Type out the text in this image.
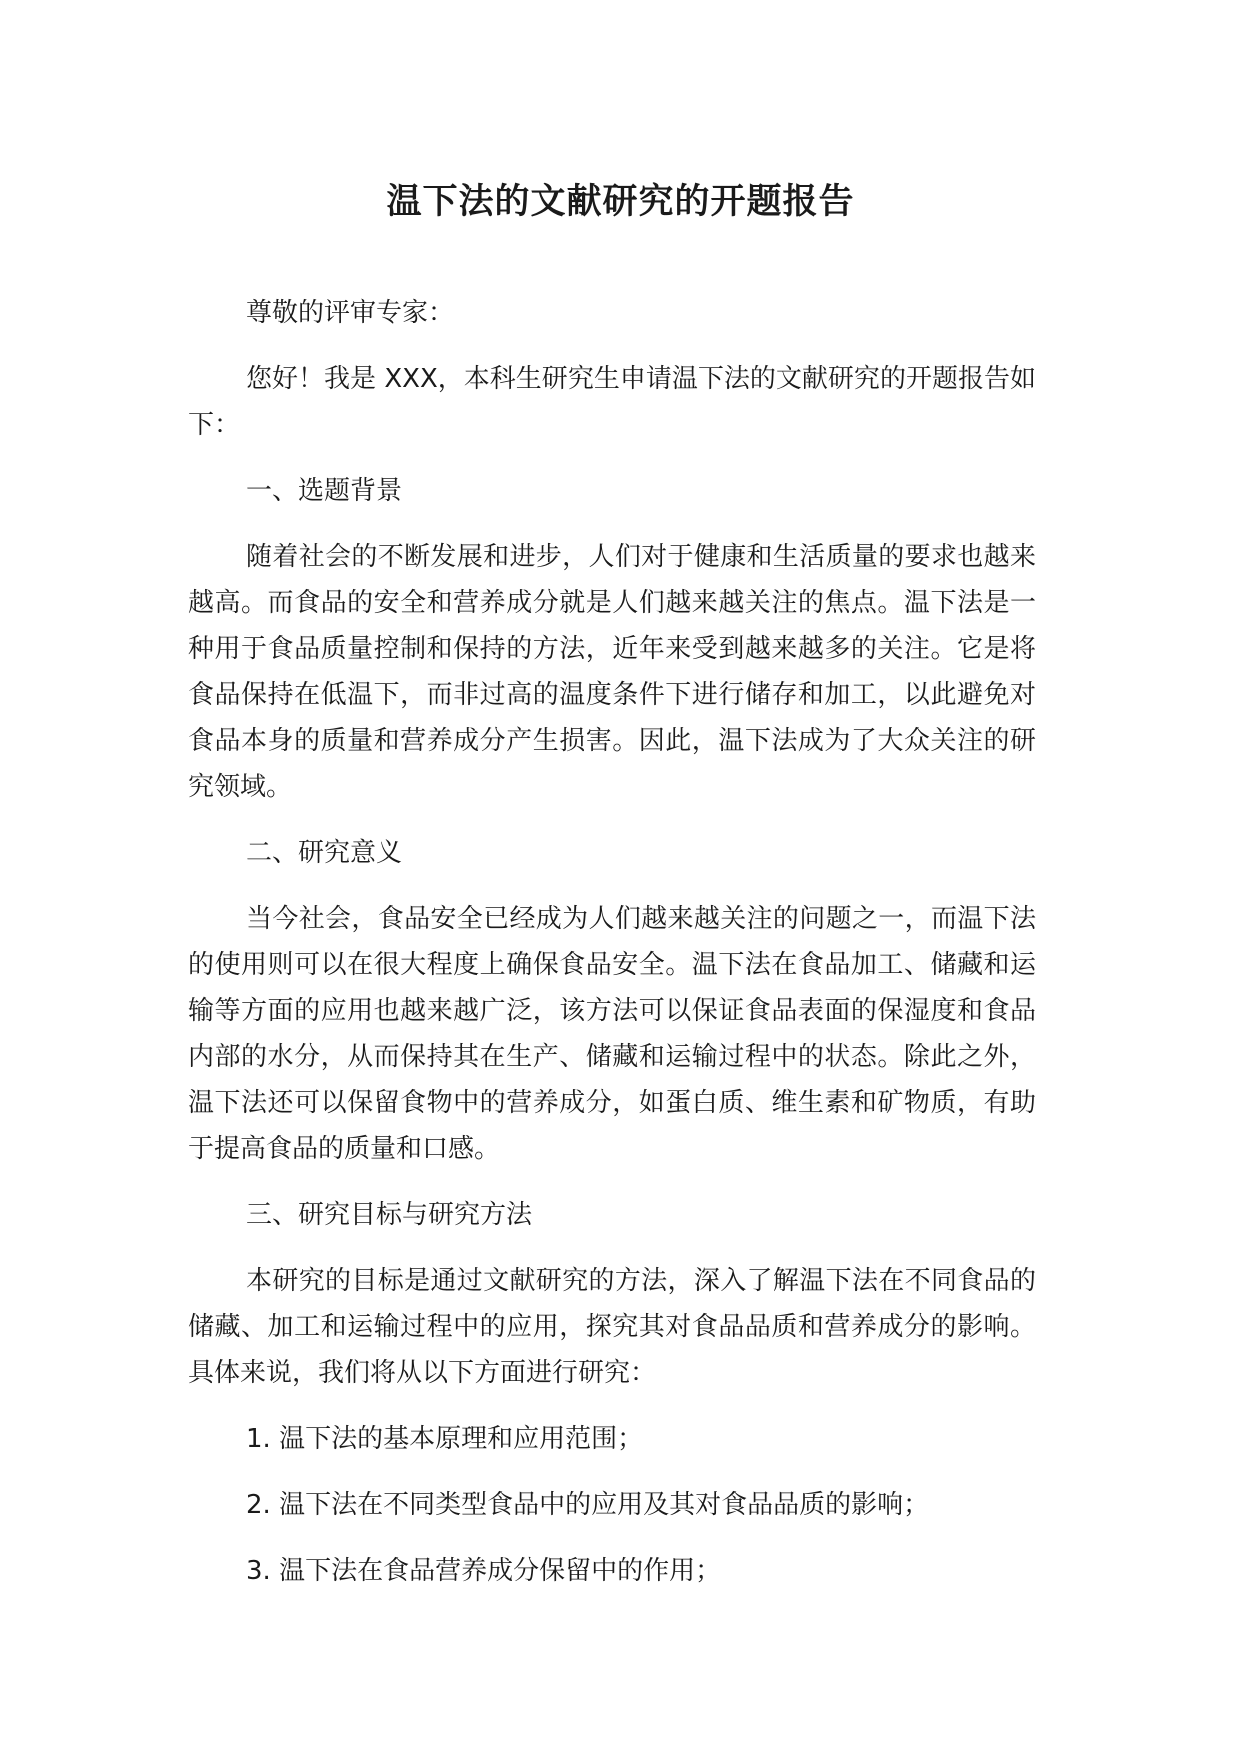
温下法的文献研究的开题报告

尊敬的评审专家：

您好！我是 XXX，本科生研究生申请温下法的文献研究的开题报告如下：

一、选题背景

随着社会的不断发展和进步，人们对于健康和生活质量的要求也越来越高。而食品的安全和营养成分就是人们越来越关注的焦点。温下法是一种用于食品质量控制和保持的方法，近年来受到越来越多的关注。它是将食品保持在低温下，而非过高的温度条件下进行储存和加工，以此避免对食品本身的质量和营养成分产生损害。因此，温下法成为了大众关注的研究领域。

二、研究意义

当今社会，食品安全已经成为人们越来越关注的问题之一，而温下法的使用则可以在很大程度上确保食品安全。温下法在食品加工、储藏和运输等方面的应用也越来越广泛，该方法可以保证食品表面的保湿度和食品内部的水分，从而保持其在生产、储藏和运输过程中的状态。除此之外，温下法还可以保留食物中的营养成分，如蛋白质、维生素和矿物质，有助于提高食品的质量和口感。

三、研究目标与研究方法

本研究的目标是通过文献研究的方法，深入了解温下法在不同食品的储藏、加工和运输过程中的应用，探究其对食品品质和营养成分的影响。具体来说，我们将从以下方面进行研究：

1. 温下法的基本原理和应用范围；

2. 温下法在不同类型食品中的应用及其对食品品质的影响；

3. 温下法在食品营养成分保留中的作用；
